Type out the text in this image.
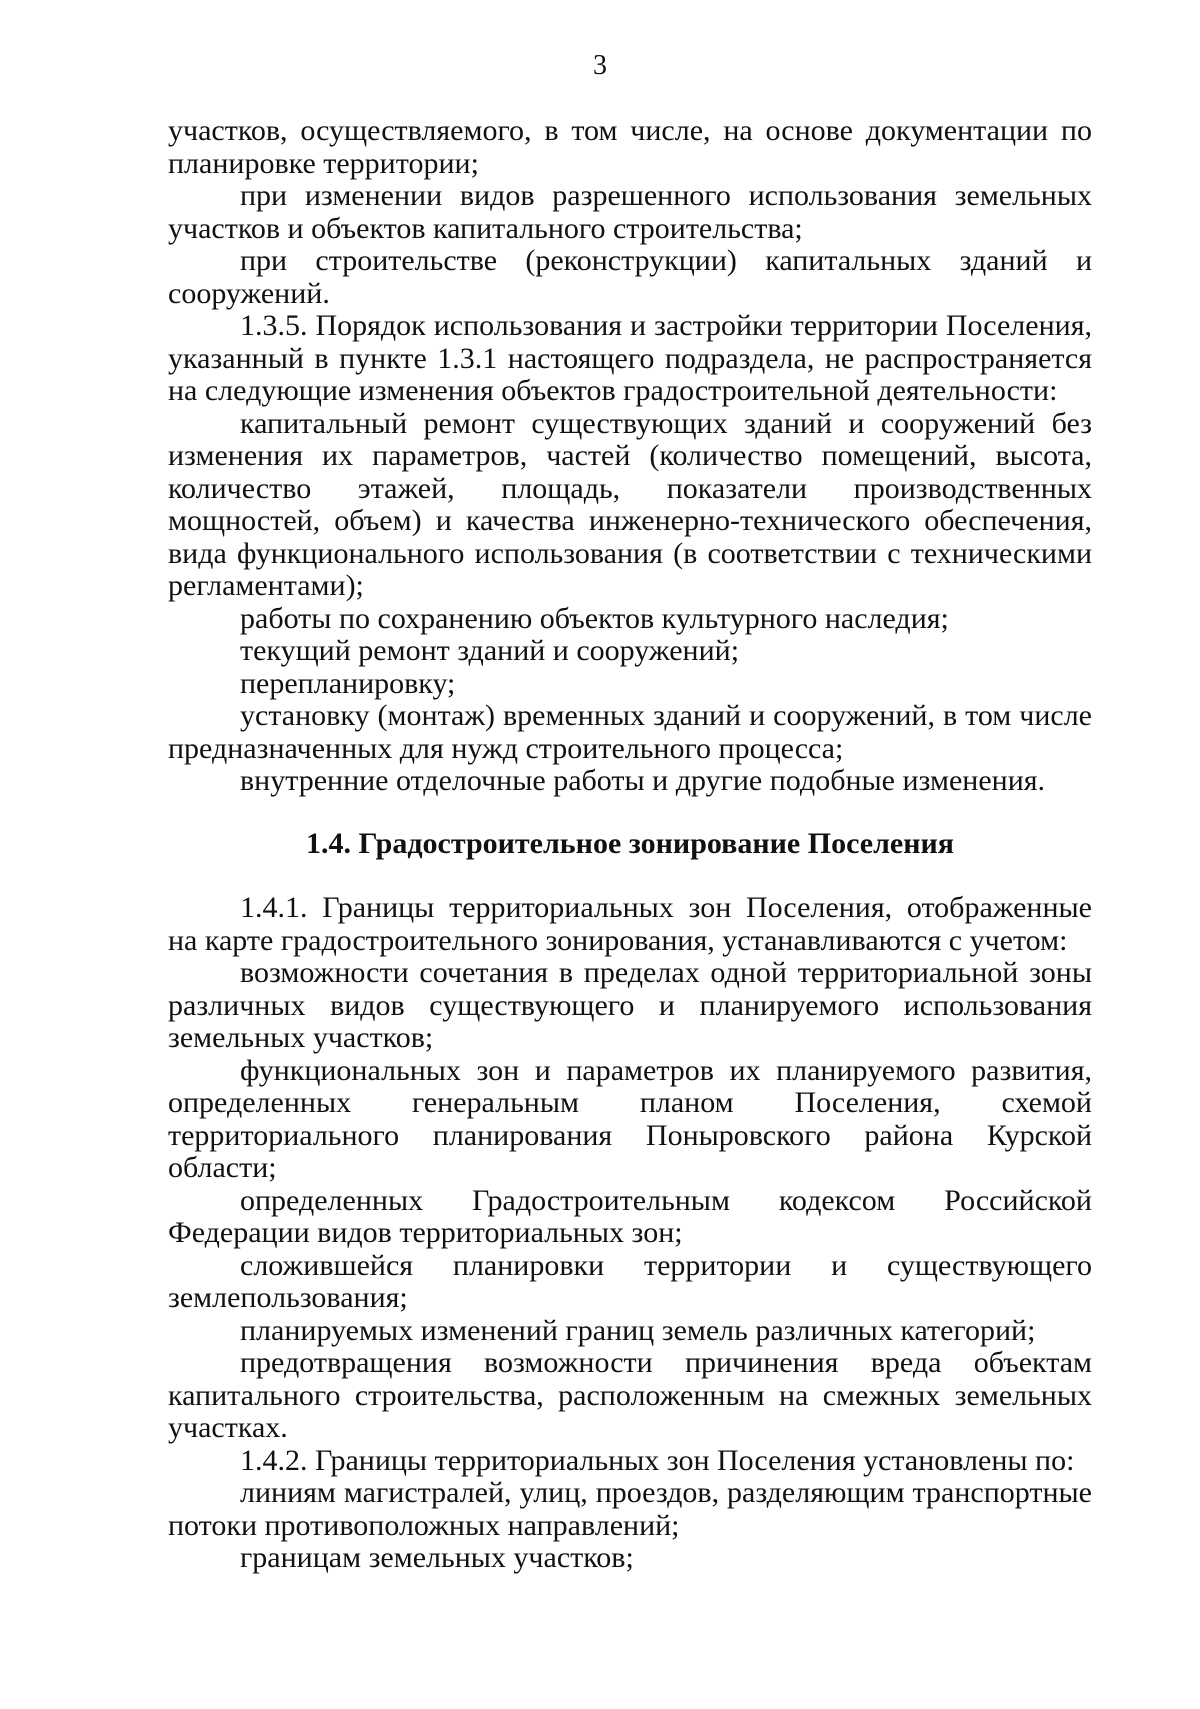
3

участков, осуществляемого, в том числе, на основе документации по планировке территории;

при изменении видов разрешенного использования земельных участков и объектов капитального строительства;

при строительстве (реконструкции) капитальных зданий и сооружений.

1.3.5. Порядок использования и застройки территории Поселения, указанный в пункте 1.3.1 настоящего подраздела, не распространяется на следующие изменения объектов градостроительной деятельности:

капитальный ремонт существующих зданий и сооружений без изменения их параметров, частей (количество помещений, высота, количество этажей, площадь, показатели производственных мощностей, объем) и качества инженерно-технического обеспечения, вида функционального использования (в соответствии с техническими регламентами);

работы по сохранению объектов культурного наследия;

текущий ремонт зданий и сооружений;

перепланировку;

установку (монтаж) временных зданий и сооружений, в том числе предназначенных для нужд строительного процесса;

внутренние отделочные работы и другие подобные изменения.

1.4. Градостроительное зонирование Поселения

1.4.1. Границы территориальных зон Поселения, отображенные на карте градостроительного зонирования, устанавливаются с учетом:

возможности сочетания в пределах одной территориальной зоны различных видов существующего и планируемого использования земельных участков;

функциональных зон и параметров их планируемого развития, определенных генеральным планом Поселения, схемой территориального планирования Поныровского района Курской области;

определенных Градостроительным кодексом Российской Федерации видов территориальных зон;

сложившейся планировки территории и существующего землепользования;

планируемых изменений границ земель различных категорий;

предотвращения возможности причинения вреда объектам капитального строительства, расположенным на смежных земельных участках.

1.4.2. Границы территориальных зон Поселения установлены по:

линиям магистралей, улиц, проездов, разделяющим транспортные потоки противоположных направлений;

границам земельных участков;
